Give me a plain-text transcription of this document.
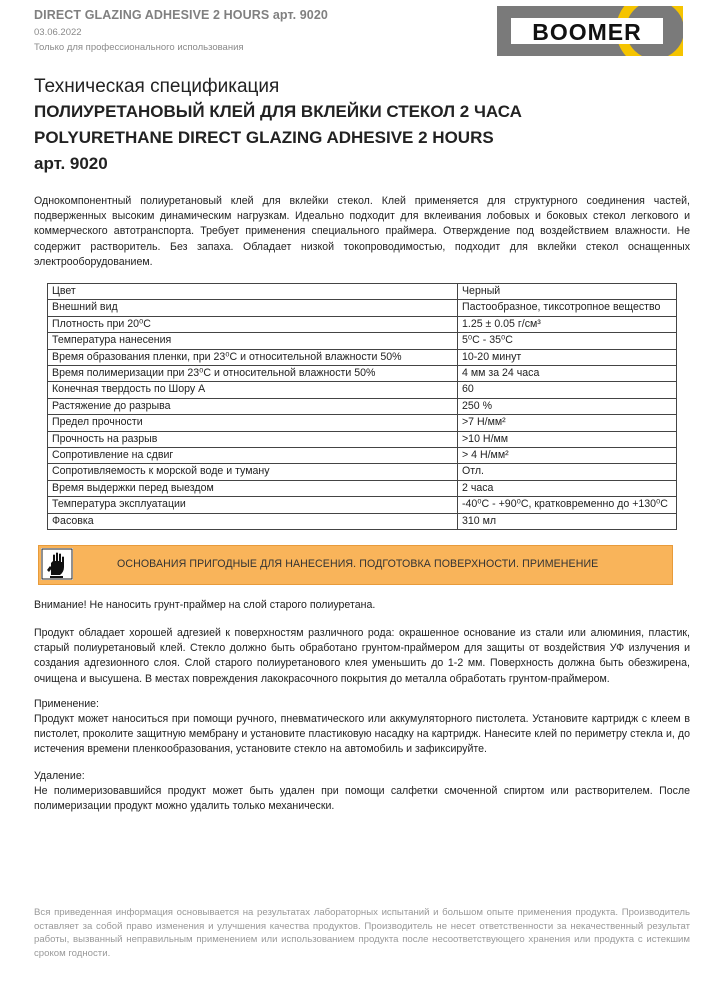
DIRECT GLAZING ADHESIVE 2 HOURS арт. 9020
03.06.2022
Только для профессионального использования
BOOMER
Техническая спецификация
ПОЛИУРЕТАНОВЫЙ КЛЕЙ ДЛЯ ВКЛЕЙКИ СТЕКОЛ 2 ЧАСА
POLYURETHANE DIRECT GLAZING ADHESIVE 2 HOURS
арт. 9020
Однокомпонентный полиуретановый клей для вклейки стекол. Клей применяется для структурного соединения частей, подверженных высоким динамическим нагрузкам. Идеально подходит для вклеивания лобовых и боковых стекол легкового и коммерческого автотранспорта. Требует применения специального праймера. Отверждение под воздействием влажности. Не содержит растворитель. Без запаха. Обладает низкой токопроводимостью, подходит для вклейки стекол оснащенных электрооборудованием.
Цвет	Черный
Внешний вид	Пастообразное, тиксотропное вещество
Плотность при 20⁰С	1.25 ± 0.05 г/см³
Температура нанесения	5⁰С - 35⁰С
Время образования пленки, при 23⁰С и относительной влажности 50%	10-20 минут
Время полимеризации при 23⁰С и относительной влажности 50%	4 мм за 24 часа
Конечная твердость по Шору А	60
Растяжение до разрыва	250 %
Предел прочности	>7 Н/мм²
Прочность на разрыв	>10 Н/мм
Сопротивление на сдвиг	> 4 Н/мм²
Сопротивляемость к морской воде и туману	Отл.
Время выдержки перед выездом	2 часа
Температура эксплуатации	-40⁰С - +90⁰С, кратковременно до +130⁰С
Фасовка	310 мл
ОСНОВАНИЯ ПРИГОДНЫЕ ДЛЯ НАНЕСЕНИЯ. ПОДГОТОВКА ПОВЕРХНОСТИ. ПРИМЕНЕНИЕ
Внимание! Не наносить грунт-праймер на слой старого полиуретана.
Продукт обладает хорошей адгезией к поверхностям различного рода: окрашенное основание из стали или алюминия, пластик, старый полиуретановый клей. Стекло должно быть обработано грунтом-праймером для защиты от воздействия УФ излучения и создания адгезионного слоя. Слой старого полиуретанового клея уменьшить до 1-2 мм. Поверхность должна быть обезжирена, очищена и высушена. В местах повреждения лакокрасочного покрытия до металла обработать грунтом-праймером.
Применение:
Продукт может наноситься при помощи ручного, пневматического или аккумуляторного пистолета. Установите картридж с клеем в пистолет, проколите защитную мембрану и установите пластиковую насадку на картридж. Нанесите клей по периметру стекла и, до истечения времени пленкообразования, установите стекло на автомобиль и зафиксируйте.
Удаление:
Не полимеризовавшийся продукт может быть удален при помощи салфетки смоченной спиртом или растворителем. После полимеризации продукт можно удалить только механически.
Вся приведенная информация основывается на результатах лабораторных испытаний и большом опыте применения продукта. Производитель оставляет за собой право изменения и улучшения качества продуктов. Производитель не несет ответственности за некачественный результат работы, вызванный неправильным применением или использованием продукта после несоответствующего хранения или продукта с истекшим сроком годности.
